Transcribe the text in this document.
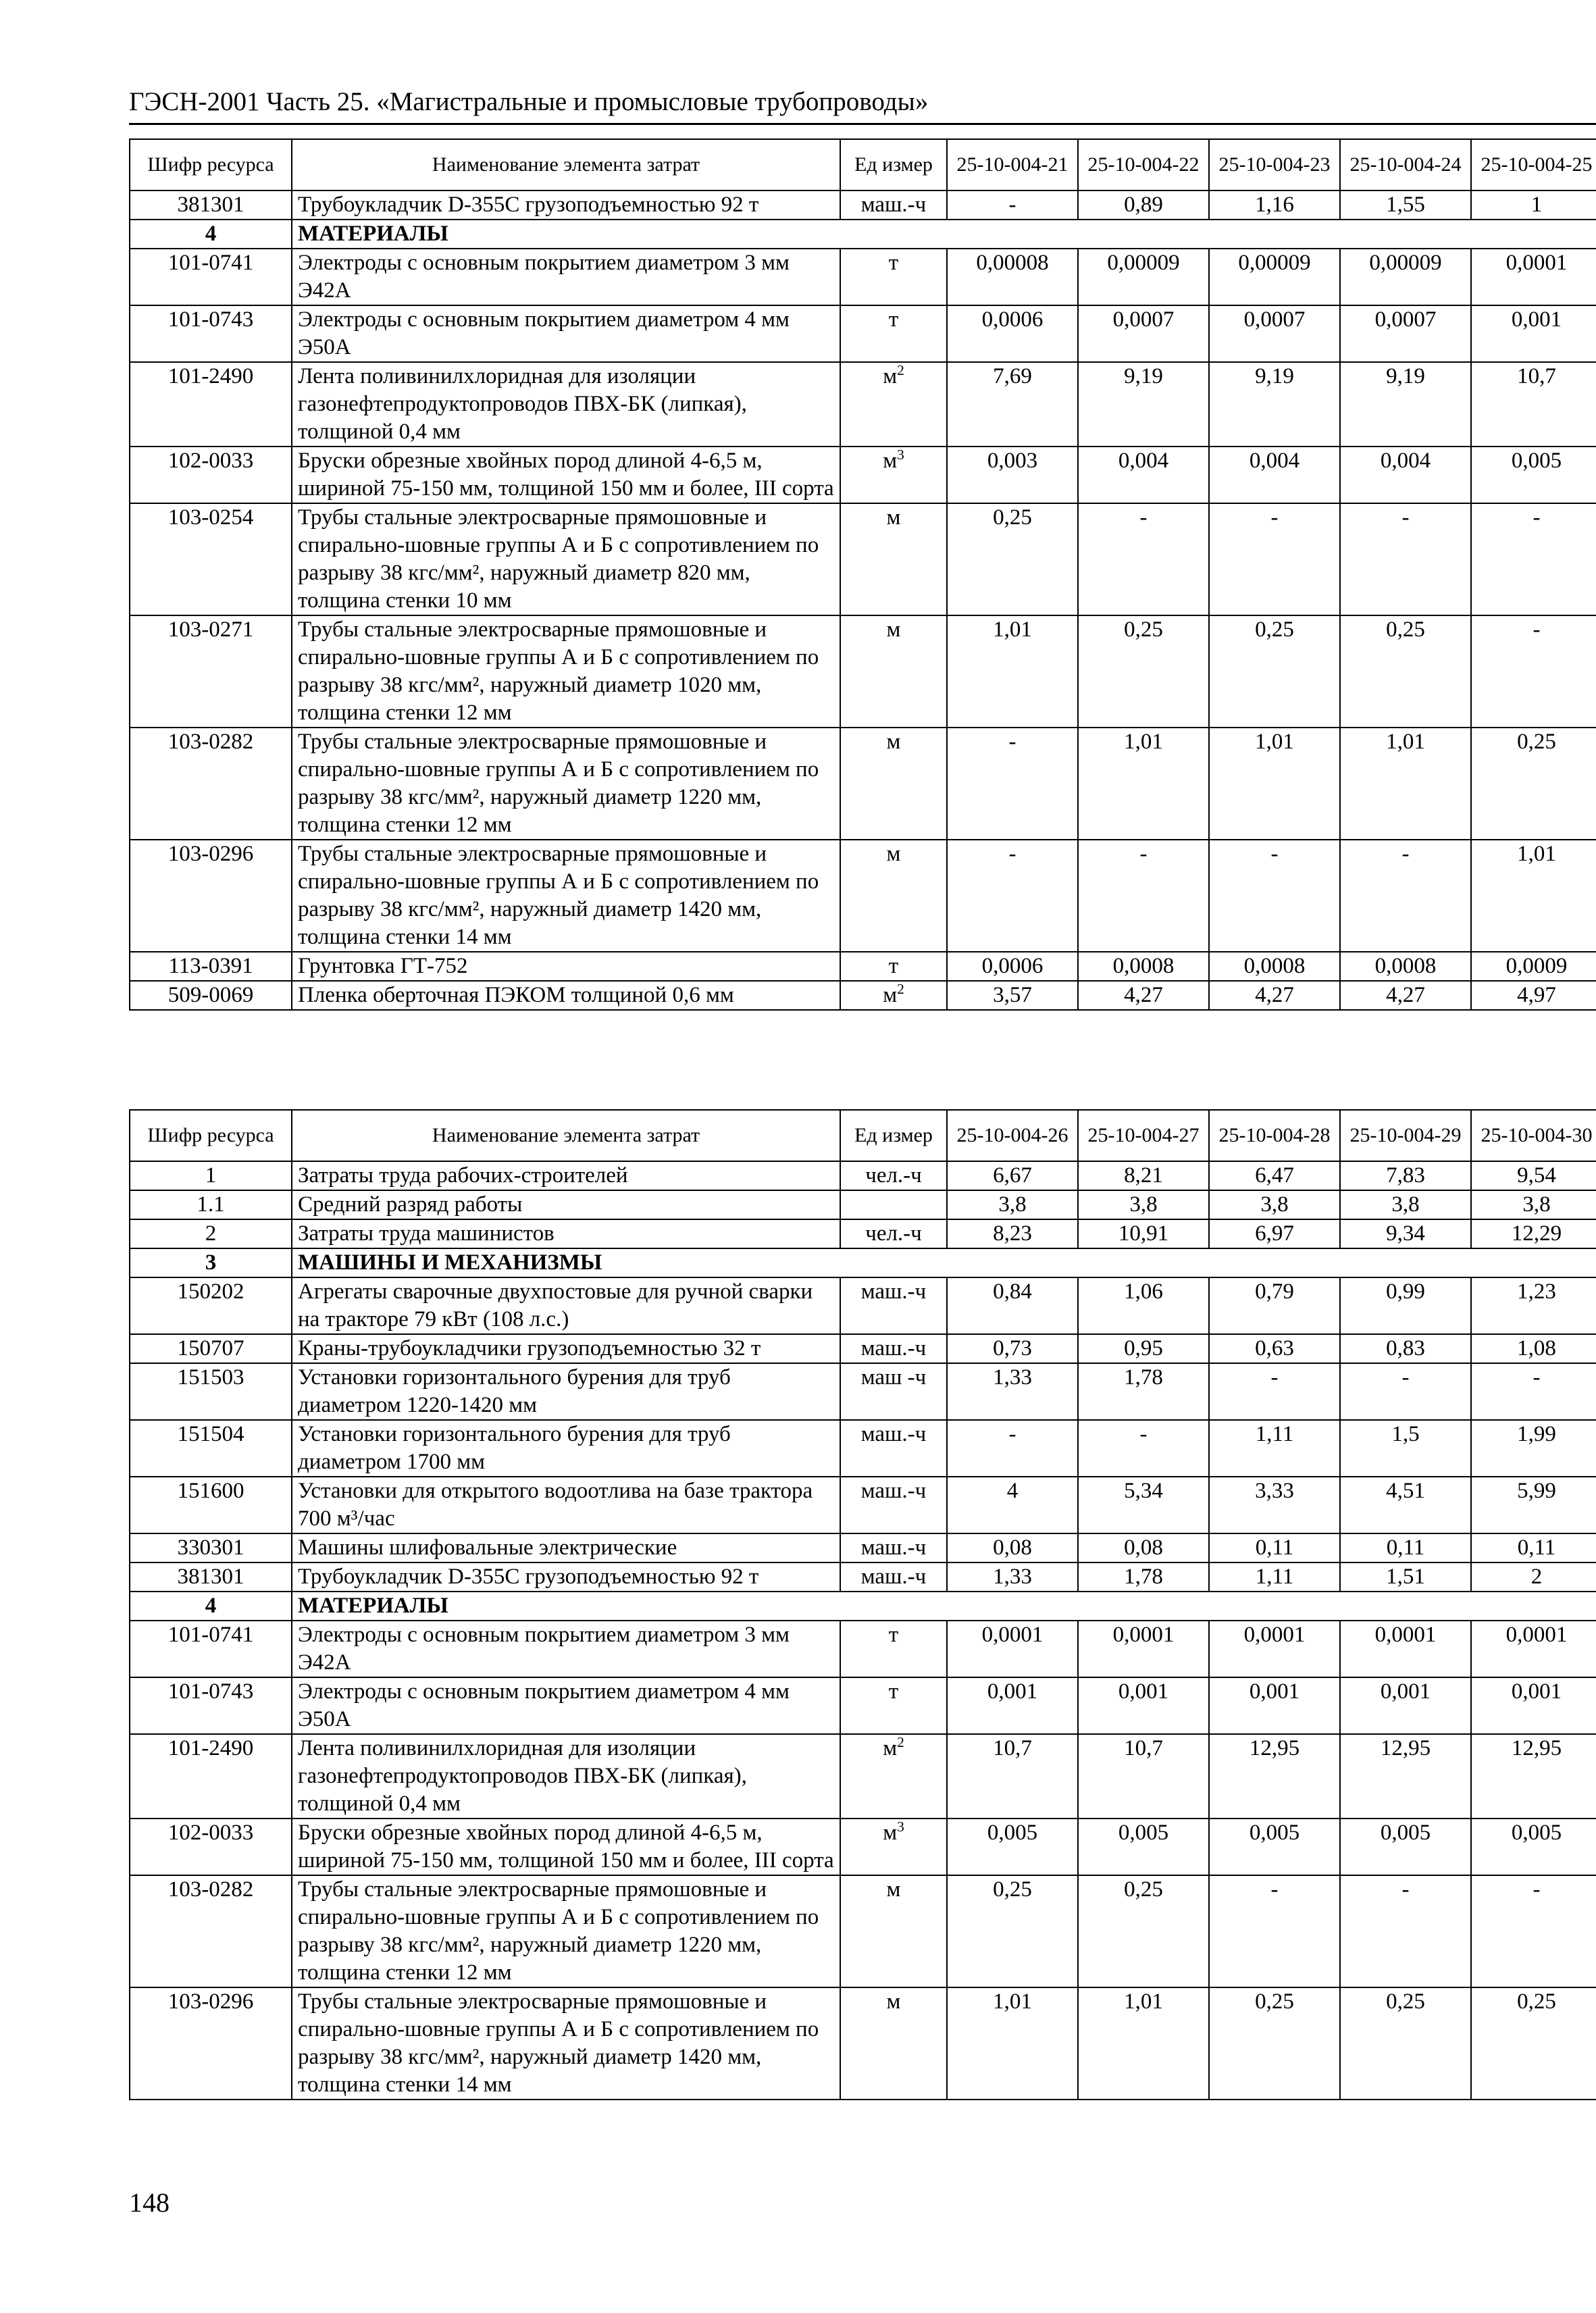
ГЭСН-2001 Часть 25. «Магистральные и промысловые трубопроводы»
Шифр ресурса	Наименование элемента затрат	Ед измер	25-10-004-21	25-10-004-22	25-10-004-23	25-10-004-24	25-10-004-25
381301	Трубоукладчик D-355С грузоподъемностью 92 т	маш.-ч	-	0,89	1,16	1,55	1
4	МАТЕРИАЛЫ						
101-0741	Электроды с основным покрытием диаметром 3 мм Э42А	т	0,00008	0,00009	0,00009	0,00009	0,0001
101-0743	Электроды с основным покрытием диаметром 4 мм Э50А	т	0,0006	0,0007	0,0007	0,0007	0,001
101-2490	Лента поливинилхлоридная для изоляции газонефтепродуктопроводов ПВХ-БК (липкая), толщиной 0,4 мм	$м^2$	7,69	9,19	9,19	9,19	10,7
102-0033	Бруски обрезные хвойных пород длиной 4-6,5 м, шириной 75-150 мм, толщиной 150 мм и более, III сорта	$м^3$	0,003	0,004	0,004	0,004	0,005
103-0254	Трубы стальные электросварные прямошовные и спирально-шовные группы А и Б с сопротивлением по разрыву 38 кгс/мм², наружный диаметр 820 мм, толщина стенки 10 мм	м	0,25	-	-	-	-
103-0271	Трубы стальные электросварные прямошовные и спирально-шовные группы А и Б с сопротивлением по разрыву 38 кгс/мм², наружный диаметр 1020 мм, толщина стенки 12 мм	м	1,01	0,25	0,25	0,25	-
103-0282	Трубы стальные электросварные прямошовные и спирально-шовные группы А и Б с сопротивлением по разрыву 38 кгс/мм², наружный диаметр 1220 мм, толщина стенки 12 мм	м	-	1,01	1,01	1,01	0,25
103-0296	Трубы стальные электросварные прямошовные и спирально-шовные группы А и Б с сопротивлением по разрыву 38 кгс/мм², наружный диаметр 1420 мм, толщина стенки 14 мм	м	-	-	-	-	1,01
113-0391	Грунтовка ГТ-752	т	0,0006	0,0008	0,0008	0,0008	0,0009
509-0069	Пленка оберточная ПЭКОМ толщиной 0,6 мм	$м^2$	3,57	4,27	4,27	4,27	4,97
Шифр ресурса	Наименование элемента затрат	Ед измер	25-10-004-26	25-10-004-27	25-10-004-28	25-10-004-29	25-10-004-30
1	Затраты труда рабочих-строителей	чел.-ч	6,67	8,21	6,47	7,83	9,54
1.1	Средний разряд работы		3,8	3,8	3,8	3,8	3,8
2	Затраты труда машинистов	чел.-ч	8,23	10,91	6,97	9,34	12,29
3	МАШИНЫ И МЕХАНИЗМЫ						
150202	Агрегаты сварочные двухпостовые для ручной сварки на тракторе 79 кВт (108 л.с.)	маш.-ч	0,84	1,06	0,79	0,99	1,23
150707	Краны-трубоукладчики грузоподъемностью 32 т	маш.-ч	0,73	0,95	0,63	0,83	1,08
151503	Установки горизонтального бурения для труб диаметром 1220-1420 мм	маш -ч	1,33	1,78	-	-	-
151504	Установки горизонтального бурения для труб диаметром 1700 мм	маш.-ч	-	-	1,11	1,5	1,99
151600	Установки для открытого водоотлива на базе трактора 700 м³/час	маш.-ч	4	5,34	3,33	4,51	5,99
330301	Машины шлифовальные электрические	маш.-ч	0,08	0,08	0,11	0,11	0,11
381301	Трубоукладчик D-355С грузоподъемностью 92 т	маш.-ч	1,33	1,78	1,11	1,51	2
4	МАТЕРИАЛЫ						
101-0741	Электроды с основным покрытием диаметром 3 мм Э42А	т	0,0001	0,0001	0,0001	0,0001	0,0001
101-0743	Электроды с основным покрытием диаметром 4 мм Э50А	т	0,001	0,001	0,001	0,001	0,001
101-2490	Лента поливинилхлоридная для изоляции газонефтепродуктопроводов ПВХ-БК (липкая), толщиной 0,4 мм	$м^2$	10,7	10,7	12,95	12,95	12,95
102-0033	Бруски обрезные хвойных пород длиной 4-6,5 м, шириной 75-150 мм, толщиной 150 мм и более, III сорта	$м^3$	0,005	0,005	0,005	0,005	0,005
103-0282	Трубы стальные электросварные прямошовные и спирально-шовные группы А и Б с сопротивлением по разрыву 38 кгс/мм², наружный диаметр 1220 мм, толщина стенки 12 мм	м	0,25	0,25	-	-	-
103-0296	Трубы стальные электросварные прямошовные и спирально-шовные группы А и Б с сопротивлением по разрыву 38 кгс/мм², наружный диаметр 1420 мм, толщина стенки 14 мм	м	1,01	1,01	0,25	0,25	0,25
148
